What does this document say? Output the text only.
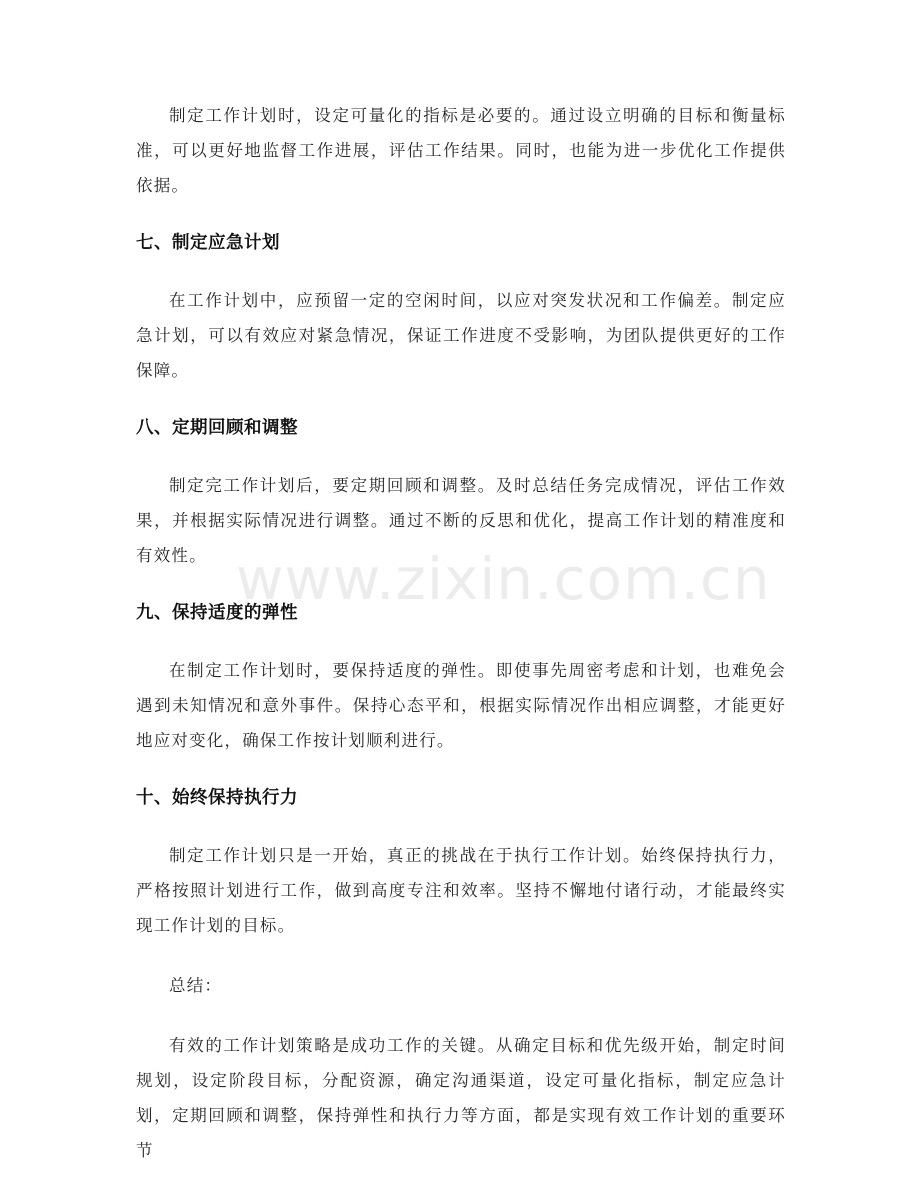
制定工作计划时，设定可量化的指标是必要的。通过设立明确的目标和衡量标准，可以更好地监督工作进展，评估工作结果。同时，也能为进一步优化工作提供依据。

七、制定应急计划

在工作计划中，应预留一定的空闲时间，以应对突发状况和工作偏差。制定应急计划，可以有效应对紧急情况，保证工作进度不受影响，为团队提供更好的工作保障。

八、定期回顾和调整

制定完工作计划后，要定期回顾和调整。及时总结任务完成情况，评估工作效果，并根据实际情况进行调整。通过不断的反思和优化，提高工作计划的精准度和有效性。

九、保持适度的弹性

在制定工作计划时，要保持适度的弹性。即使事先周密考虑和计划，也难免会遇到未知情况和意外事件。保持心态平和，根据实际情况作出相应调整，才能更好地应对变化，确保工作按计划顺利进行。

十、始终保持执行力

制定工作计划只是一开始，真正的挑战在于执行工作计划。始终保持执行力，严格按照计划进行工作，做到高度专注和效率。坚持不懈地付诸行动，才能最终实现工作计划的目标。

总结：

有效的工作计划策略是成功工作的关键。从确定目标和优先级开始，制定时间规划，设定阶段目标，分配资源，确定沟通渠道，设定可量化指标，制定应急计划，定期回顾和调整，保持弹性和执行力等方面，都是实现有效工作计划的重要环节

www.zixin.com.cn
